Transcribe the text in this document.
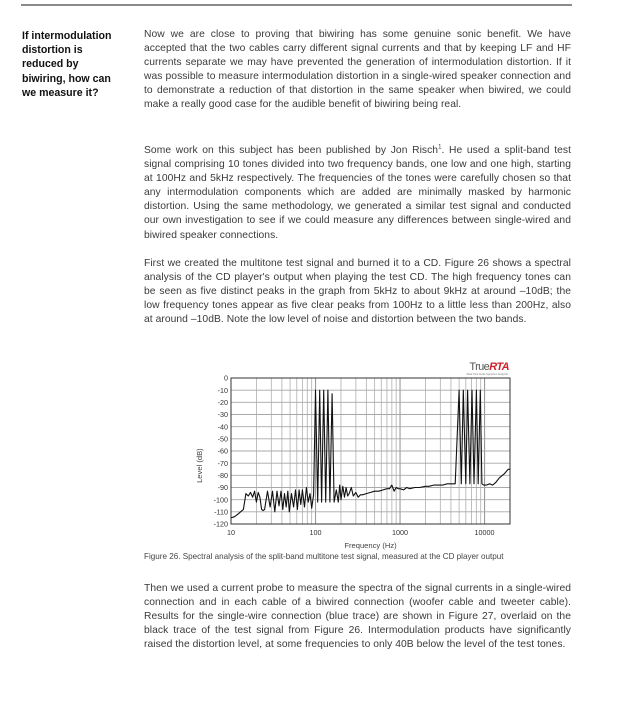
If intermodulation
distortion is
reduced by
biwiring, how can
we measure it?
Now we are close to proving that biwiring has some genuine sonic benefit. We have accepted that the two cables carry different signal currents and that by keeping LF and HF currents separate we may have prevented the generation of intermodulation distortion. If it was possible to measure intermodulation distortion in a single-wired speaker connection and to demonstrate a reduction of that distortion in the same speaker when biwired, we could make a really good case for the audible benefit of biwiring being real.
Some work on this subject has been published by Jon Risch$^1$. He used a split-band test signal comprising 10 tones divided into two frequency bands, one low and one high, starting at 100Hz and 5kHz respectively. The frequencies of the tones were carefully chosen so that any intermodulation components which are added are minimally masked by harmonic distortion. Using the same methodology, we generated a similar test signal and conducted our own investigation to see if we could measure any differences between single-wired and biwired speaker connections.
First we created the multitone test signal and burned it to a CD. Figure 26 shows a spectral analysis of the CD player's output when playing the test CD. The high frequency tones can be seen as five distinct peaks in the graph from 5kHz to about 9kHz at around –10dB; the low frequency tones appear as five clear peaks from 100Hz to a little less than 200Hz, also at around –10dB. Note the low level of noise and distortion between the two bands.
0
-10
-20
-30
-40
-50
-60
-70
-80
-90
-100
-110
-120
10	100	1000	10000
Frequency (Hz)
Level (dB)
TrueRTA
Real Time Audio Spectrum Analyzer
Figure 26. Spectral analysis of the split-band multitone test signal, measured at the CD player output
Then we used a current probe to measure the spectra of the signal currents in a single-wired connection and in each cable of a biwired connection (woofer cable and tweeter cable). Results for the single-wire connection (blue trace) are shown in Figure 27, overlaid on the black trace of the test signal from Figure 26. Intermodulation products have significantly raised the distortion level, at some frequencies to only 40B below the level of the test tones.
